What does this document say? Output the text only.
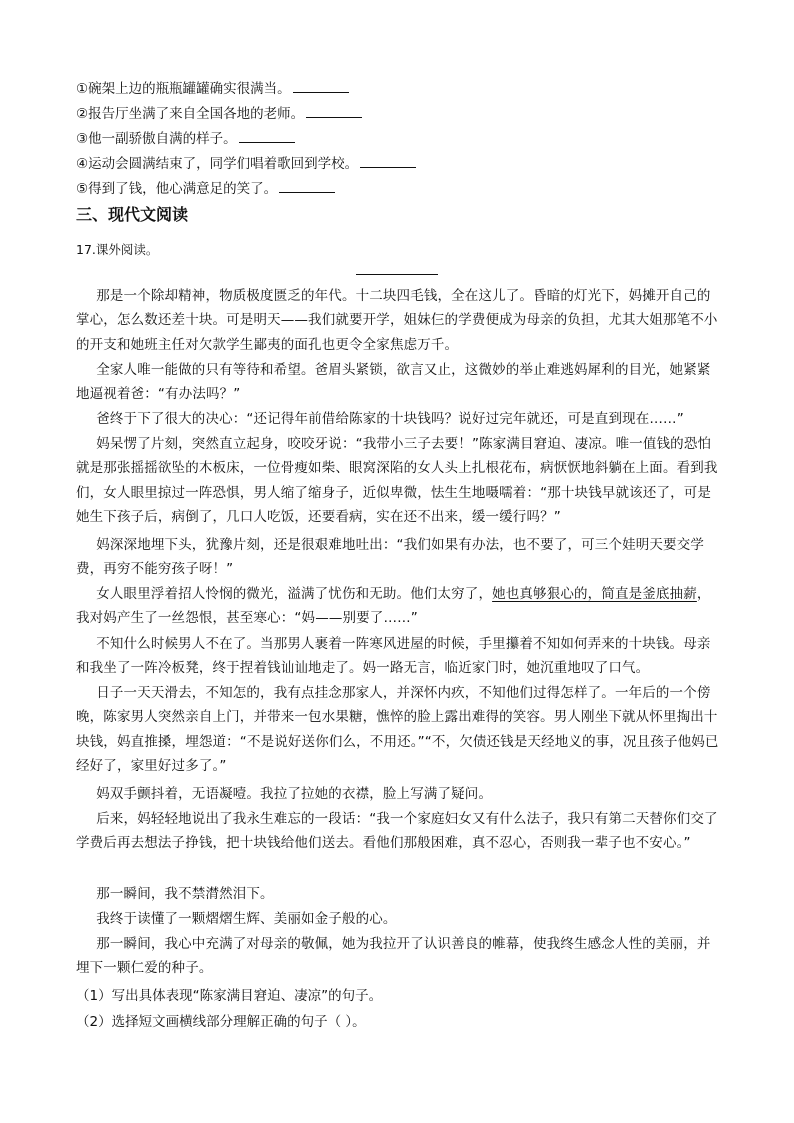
①碗架上边的瓶瓶罐罐确实很满当。
②报告厅坐满了来自全国各地的老师。
③他一副骄傲自满的样子。
④运动会圆满结束了，同学们唱着歌回到学校。
⑤得到了钱，他心满意足的笑了。
三、现代文阅读
17.课外阅读。
那是一个除却精神，物质极度匮乏的年代。十二块四毛钱，全在这儿了。昏暗的灯光下，妈摊开自己的掌心，怎么数还差十块。可是明天——我们就要开学，姐妹仨的学费便成为母亲的负担，尤其大姐那笔不小的开支和她班主任对欠款学生鄙夷的面孔也更令全家焦虑万千。
全家人唯一能做的只有等待和希望。爸眉头紧锁，欲言又止，这微妙的举止难逃妈犀利的目光，她紧紧地逼视着爸：“有办法吗？”
爸终于下了很大的决心：“还记得年前借给陈家的十块钱吗？说好过完年就还，可是直到现在……”
妈呆愣了片刻，突然直立起身，咬咬牙说：“我带小三子去要！”陈家满目窘迫、凄凉。唯一值钱的恐怕就是那张摇摇欲坠的木板床，一位骨瘦如柴、眼窝深陷的女人头上扎根花布，病恹恹地斜躺在上面。看到我们，女人眼里掠过一阵恐惧，男人缩了缩身子，近似卑微，怯生生地嗫嚅着：“那十块钱早就该还了，可是她生下孩子后，病倒了，几口人吃饭，还要看病，实在还不出来，缓一缓行吗？”
妈深深地埋下头，犹豫片刻，还是很艰难地吐出：“我们如果有办法，也不要了，可三个娃明天要交学费，再穷不能穷孩子呀！”
女人眼里浮着招人怜悯的微光，溢满了忧伤和无助。他们太穷了，她也真够狠心的，简直是釜底抽薪，我对妈产生了一丝怨恨，甚至寒心：“妈——别要了……”
不知什么时候男人不在了。当那男人裹着一阵寒风进屋的时候，手里攥着不知如何弄来的十块钱。母亲和我坐了一阵冷板凳，终于捏着钱讪讪地走了。妈一路无言，临近家门时，她沉重地叹了口气。
日子一天天滑去，不知怎的，我有点挂念那家人，并深怀内疚，不知他们过得怎样了。一年后的一个傍晚，陈家男人突然亲自上门，并带来一包水果糖，憔悴的脸上露出难得的笑容。男人刚坐下就从怀里掏出十块钱，妈直推搡，埋怨道：“不是说好送你们么，不用还。”“不，欠债还钱是天经地义的事，况且孩子他妈已经好了，家里好过多了。”
妈双手颤抖着，无语凝噎。我拉了拉她的衣襟，脸上写满了疑问。
后来，妈轻轻地说出了我永生难忘的一段话：“我一个家庭妇女又有什么法子，我只有第二天替你们交了学费后再去想法子挣钱，把十块钱给他们送去。看他们那般困难，真不忍心，否则我一辈子也不安心。”
那一瞬间，我不禁潸然泪下。
我终于读懂了一颗熠熠生辉、美丽如金子般的心。
那一瞬间，我心中充满了对母亲的敬佩，她为我拉开了认识善良的帷幕，使我终生感念人性的美丽，并埋下一颗仁爱的种子。
（1）写出具体表现“陈家满目窘迫、凄凉”的句子。
（2）选择短文画横线部分理解正确的句子（ ）。
